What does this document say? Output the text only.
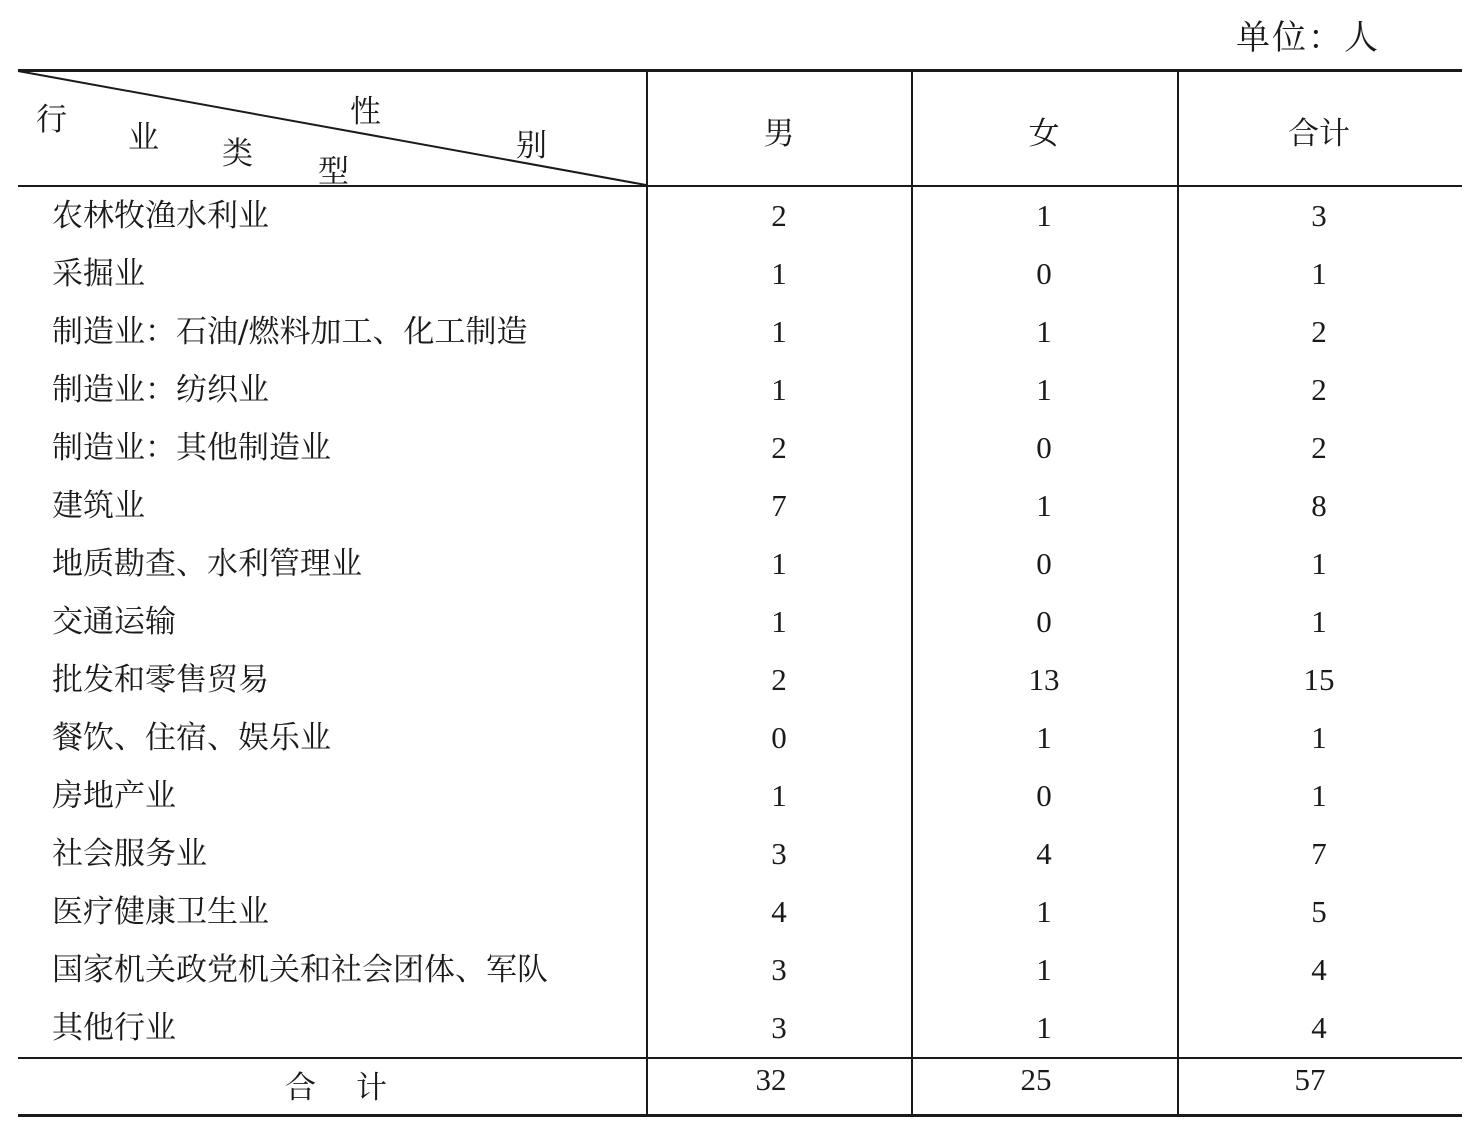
单位：人
行 业 类 型
性
别	男	女	合计
农林牧渔水利业	2	1	3
采掘业	1	0	1
制造业：石油/燃料加工、化工制造	1	1	2
制造业：纺织业	1	1	2
制造业：其他制造业	2	0	2
建筑业	7	1	8
地质勘查、水利管理业	1	0	1
交通运输	1	0	1
批发和零售贸易	2	13	15
餐饮、住宿、娱乐业	0	1	1
房地产业	1	0	1
社会服务业	3	4	7
医疗健康卫生业	4	1	5
国家机关政党机关和社会团体、军队	3	1	4
其他行业	3	1	4
合 计	32	25	57
